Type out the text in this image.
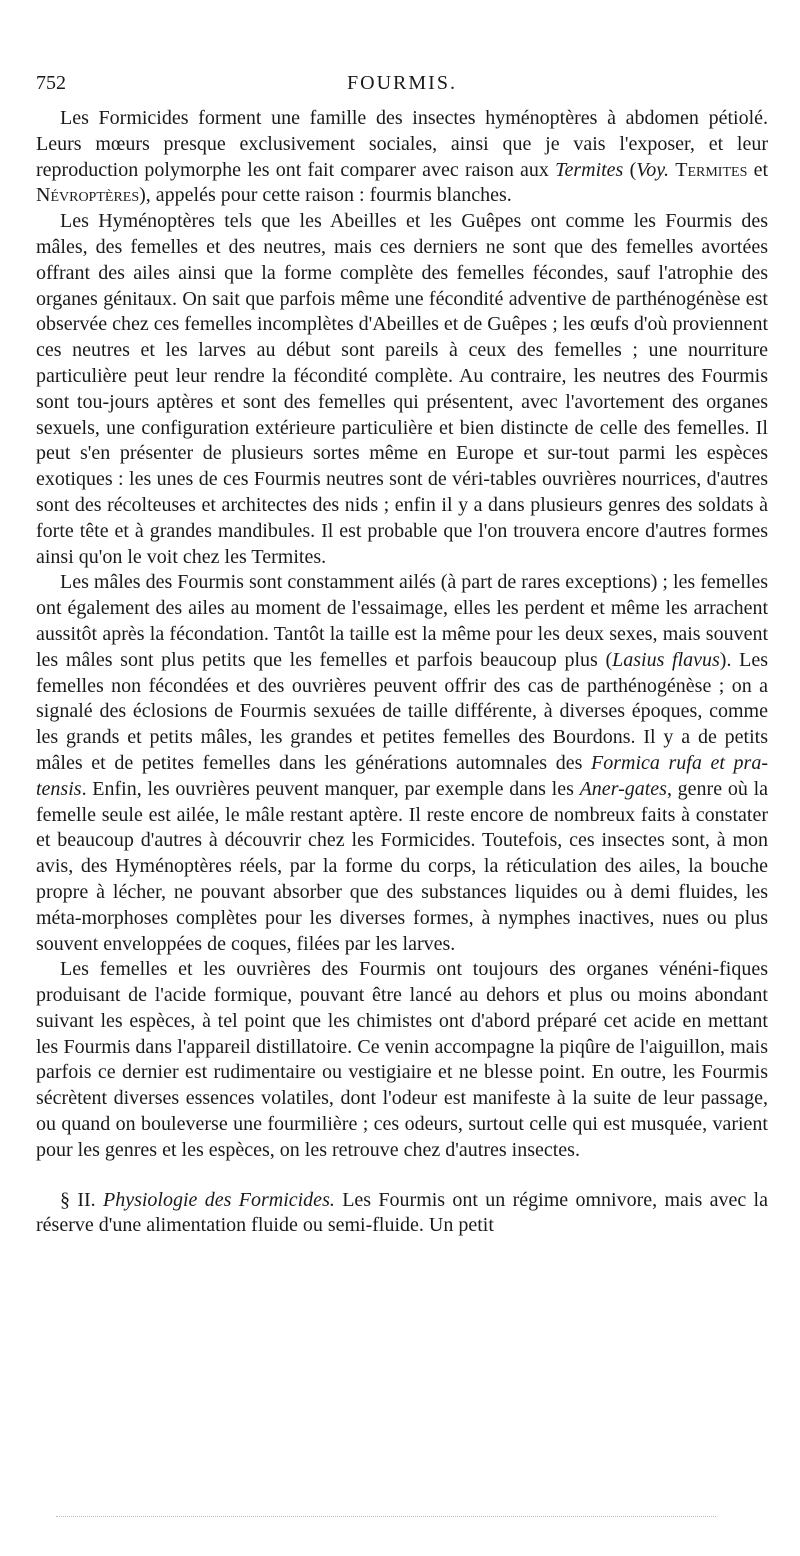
752	FOURMIS.

Les Formicides forment une famille des insectes hyménoptères à abdomen pétiolé. Leurs mœurs presque exclusivement sociales, ainsi que je vais l'exposer, et leur reproduction polymorphe les ont fait comparer avec raison aux Termites (Voy. Termites et Névroptères), appelés pour cette raison : fourmis blanches.

Les Hyménoptères tels que les Abeilles et les Guêpes ont comme les Fourmis des mâles, des femelles et des neutres, mais ces derniers ne sont que des femelles avortées offrant des ailes ainsi que la forme complète des femelles fécondes, sauf l'atrophie des organes génitaux. On sait que parfois même une fécondité adventive de parthénogénèse est observée chez ces femelles incomplètes d'Abeilles et de Guêpes ; les œufs d'où proviennent ces neutres et les larves au début sont pareils à ceux des femelles ; une nourriture particulière peut leur rendre la fécondité complète. Au contraire, les neutres des Fourmis sont tou-jours aptères et sont des femelles qui présentent, avec l'avortement des organes sexuels, une configuration extérieure particulière et bien distincte de celle des femelles. Il peut s'en présenter de plusieurs sortes même en Europe et sur-tout parmi les espèces exotiques : les unes de ces Fourmis neutres sont de véri-tables ouvrières nourrices, d'autres sont des récolteuses et architectes des nids ; enfin il y a dans plusieurs genres des soldats à forte tête et à grandes mandibules. Il est probable que l'on trouvera encore d'autres formes ainsi qu'on le voit chez les Termites.

Les mâles des Fourmis sont constamment ailés (à part de rares exceptions) ; les femelles ont également des ailes au moment de l'essaimage, elles les perdent et même les arrachent aussitôt après la fécondation. Tantôt la taille est la même pour les deux sexes, mais souvent les mâles sont plus petits que les femelles et parfois beaucoup plus (Lasius flavus). Les femelles non fécondées et des ouvrières peuvent offrir des cas de parthénogénèse ; on a signalé des éclosions de Fourmis sexuées de taille différente, à diverses époques, comme les grands et petits mâles, les grandes et petites femelles des Bourdons. Il y a de petits mâles et de petites femelles dans les générations automnales des Formica rufa et pra-tensis. Enfin, les ouvrières peuvent manquer, par exemple dans les Aner-gates, genre où la femelle seule est ailée, le mâle restant aptère. Il reste encore de nombreux faits à constater et beaucoup d'autres à découvrir chez les Formicides. Toutefois, ces insectes sont, à mon avis, des Hyménoptères réels, par la forme du corps, la réticulation des ailes, la bouche propre à lécher, ne pouvant absorber que des substances liquides ou à demi fluides, les méta-morphoses complètes pour les diverses formes, à nymphes inactives, nues ou plus souvent enveloppées de coques, filées par les larves.

Les femelles et les ouvrières des Fourmis ont toujours des organes vénéni-fiques produisant de l'acide formique, pouvant être lancé au dehors et plus ou moins abondant suivant les espèces, à tel point que les chimistes ont d'abord préparé cet acide en mettant les Fourmis dans l'appareil distillatoire. Ce venin accompagne la piqûre de l'aiguillon, mais parfois ce dernier est rudimentaire ou vestigiaire et ne blesse point. En outre, les Fourmis sécrètent diverses essences volatiles, dont l'odeur est manifeste à la suite de leur passage, ou quand on bouleverse une fourmilière ; ces odeurs, surtout celle qui est musquée, varient pour les genres et les espèces, on les retrouve chez d'autres insectes.

§ II. Physiologie des Formicides. Les Fourmis ont un régime omnivore, mais avec la réserve d'une alimentation fluide ou semi-fluide. Un petit
